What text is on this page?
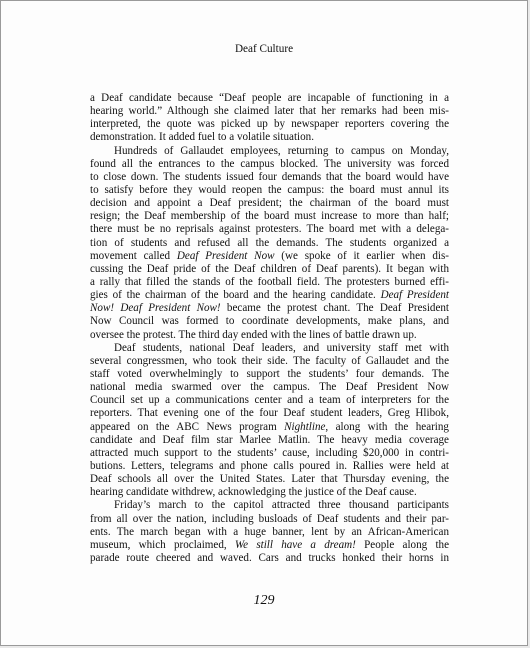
Deaf Culture
a Deaf candidate because “Deaf people are incapable of functioning in a
hearing world.” Although she claimed later that her remarks had been mis-
interpreted, the quote was picked up by newspaper reporters covering the
demonstration. It added fuel to a volatile situation.
Hundreds of Gallaudet employees, returning to campus on Monday,
found all the entrances to the campus blocked. The university was forced
to close down. The students issued four demands that the board would have
to satisfy before they would reopen the campus: the board must annul its
decision and appoint a Deaf president; the chairman of the board must
resign; the Deaf membership of the board must increase to more than half;
there must be no reprisals against protesters. The board met with a delega-
tion of students and refused all the demands. The students organized a
movement called Deaf President Now (we spoke of it earlier when dis-
cussing the Deaf pride of the Deaf children of Deaf parents). It began with
a rally that filled the stands of the football field. The protesters burned effi-
gies of the chairman of the board and the hearing candidate. Deaf President
Now! Deaf President Now! became the protest chant. The Deaf President
Now Council was formed to coordinate developments, make plans, and
oversee the protest. The third day ended with the lines of battle drawn up.
Deaf students, national Deaf leaders, and university staff met with
several congressmen, who took their side. The faculty of Gallaudet and the
staff voted overwhelmingly to support the students’ four demands. The
national media swarmed over the campus. The Deaf President Now
Council set up a communications center and a team of interpreters for the
reporters. That evening one of the four Deaf student leaders, Greg Hlibok,
appeared on the ABC News program Nightline, along with the hearing
candidate and Deaf film star Marlee Matlin. The heavy media coverage
attracted much support to the students’ cause, including $20,000 in contri-
butions. Letters, telegrams and phone calls poured in. Rallies were held at
Deaf schools all over the United States. Later that Thursday evening, the
hearing candidate withdrew, acknowledging the justice of the Deaf cause.
Friday’s march to the capitol attracted three thousand participants
from all over the nation, including busloads of Deaf students and their par-
ents. The march began with a huge banner, lent by an African-American
museum, which proclaimed, We still have a dream! People along the
parade route cheered and waved. Cars and trucks honked their horns in
129
